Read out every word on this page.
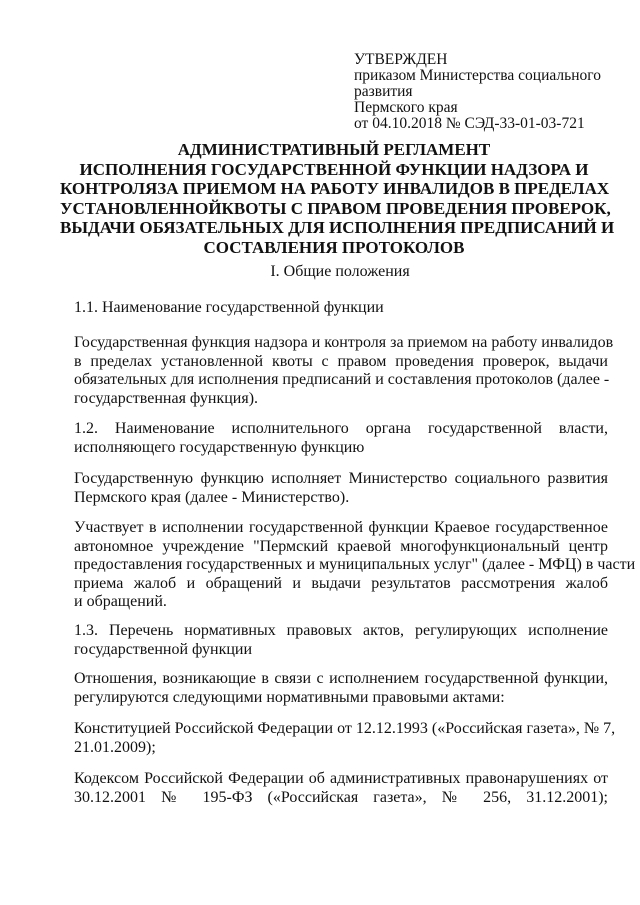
УТВЕРЖДЕН
приказом Министерства социального
развития
Пермского края
от 04.10.2018 № СЭД-33-01-03-721
АДМИНИСТРАТИВНЫЙ РЕГЛАМЕНТ
ИСПОЛНЕНИЯ ГОСУДАРСТВЕННОЙ ФУНКЦИИ НАДЗОРА И
КОНТРОЛЯЗА ПРИЕМОМ НА РАБОТУ ИНВАЛИДОВ В ПРЕДЕЛАХ
УСТАНОВЛЕННОЙКВОТЫ С ПРАВОМ ПРОВЕДЕНИЯ ПРОВЕРОК,
ВЫДАЧИ ОБЯЗАТЕЛЬНЫХ ДЛЯ ИСПОЛНЕНИЯ ПРЕДПИСАНИЙ И
СОСТАВЛЕНИЯ ПРОТОКОЛОВ
I. Общие положения
1.1. Наименование государственной функции
Государственная функция надзора и контроля за приемом на работу инвалидов
в пределах установленной квоты с правом проведения проверок, выдачи
обязательных для исполнения предписаний и составления протоколов (далее -
государственная функция).
1.2. Наименование исполнительного органа государственной власти,
исполняющего государственную функцию
Государственную функцию исполняет Министерство социального развития
Пермского края (далее - Министерство).
Участвует в исполнении государственной функции Краевое государственное
автономное учреждение "Пермский краевой многофункциональный центр
предоставления государственных и муниципальных услуг" (далее - МФЦ) в части
приема жалоб и обращений и выдачи результатов рассмотрения жалоб
и обращений.
1.3. Перечень нормативных правовых актов, регулирующих исполнение
государственной функции
Отношения, возникающие в связи с исполнением государственной функции,
регулируются следующими нормативными правовыми актами:
Конституцией Российской Федерации от 12.12.1993 («Российская газета», № 7,
21.01.2009);
Кодексом Российской Федерации об административных правонарушениях от
30.12.2001 № 195-ФЗ («Российская газета», № 256, 31.12.2001);
